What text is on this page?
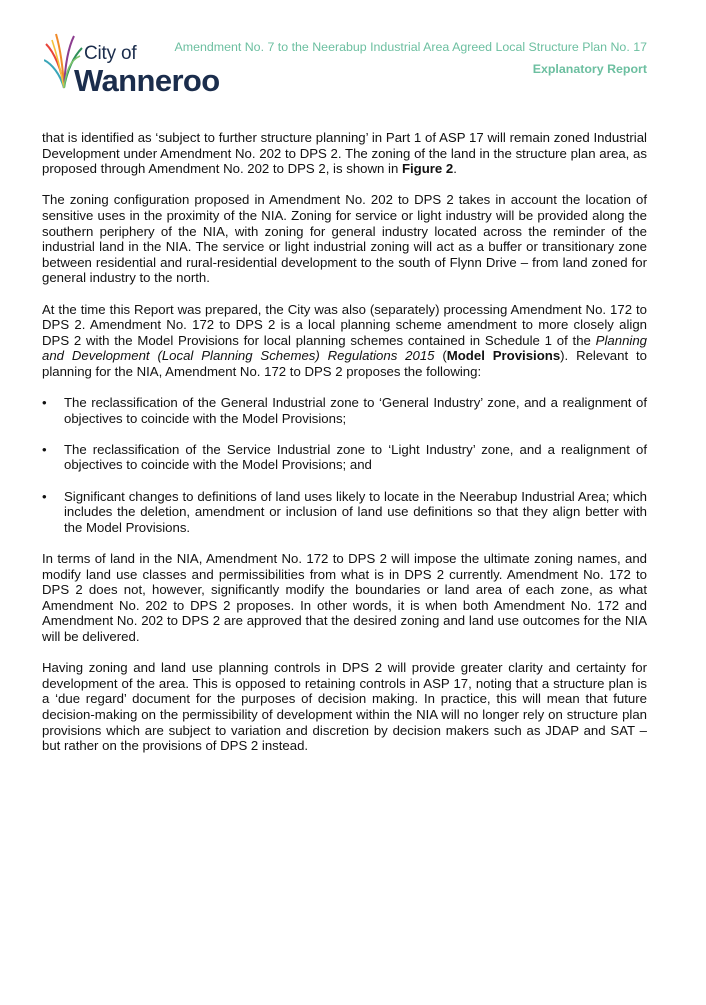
City of
Wanneroo
Amendment No. 7 to the Neerabup Industrial Area Agreed Local Structure Plan No. 17
Explanatory Report

that is identified as ‘subject to further structure planning’ in Part 1 of ASP 17 will remain zoned Industrial Development under Amendment No. 202 to DPS 2. The zoning of the land in the structure plan area, as proposed through Amendment No. 202 to DPS 2, is shown in Figure 2.

The zoning configuration proposed in Amendment No. 202 to DPS 2 takes in account the location of sensitive uses in the proximity of the NIA. Zoning for service or light industry will be provided along the southern periphery of the NIA, with zoning for general industry located across the reminder of the industrial land in the NIA. The service or light industrial zoning will act as a buffer or transitionary zone between residential and rural-residential development to the south of Flynn Drive – from land zoned for general industry to the north.

At the time this Report was prepared, the City was also (separately) processing Amendment No. 172 to DPS 2. Amendment No. 172 to DPS 2 is a local planning scheme amendment to more closely align DPS 2 with the Model Provisions for local planning schemes contained in Schedule 1 of the Planning and Development (Local Planning Schemes) Regulations 2015 (Model Provisions). Relevant to planning for the NIA, Amendment No. 172 to DPS 2 proposes the following:

• The reclassification of the General Industrial zone to ‘General Industry’ zone, and a realignment of objectives to coincide with the Model Provisions;
• The reclassification of the Service Industrial zone to ‘Light Industry’ zone, and a realignment of objectives to coincide with the Model Provisions; and
• Significant changes to definitions of land uses likely to locate in the Neerabup Industrial Area; which includes the deletion, amendment or inclusion of land use definitions so that they align better with the Model Provisions.

In terms of land in the NIA, Amendment No. 172 to DPS 2 will impose the ultimate zoning names, and modify land use classes and permissibilities from what is in DPS 2 currently. Amendment No. 172 to DPS 2 does not, however, significantly modify the boundaries or land area of each zone, as what Amendment No. 202 to DPS 2 proposes. In other words, it is when both Amendment No. 172 and Amendment No. 202 to DPS 2 are approved that the desired zoning and land use outcomes for the NIA will be delivered.

Having zoning and land use planning controls in DPS 2 will provide greater clarity and certainty for development of the area. This is opposed to retaining controls in ASP 17, noting that a structure plan is a ‘due regard’ document for the purposes of decision making. In practice, this will mean that future decision-making on the permissibility of development within the NIA will no longer rely on structure plan provisions which are subject to variation and discretion by decision makers such as JDAP and SAT – but rather on the provisions of DPS 2 instead.
